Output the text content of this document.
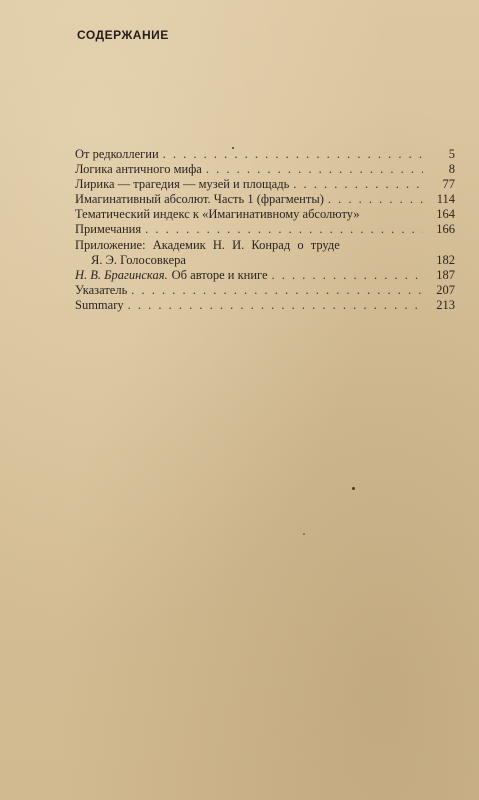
СОДЕРЖАНИЕ
От редколлегии . . .	5
Логика античного мифа . . .	8
Лирика — трагедия — музей и площадь . . .	77
Имагинативный абсолют. Часть 1 (фрагменты) . . .	114
Тематический индекс к «Имагинативному абсолюту»	164
Примечания . . .	166
Приложение: Академик Н. И. Конрад о труде
Я. Э. Голосовкера	182
Н. В. Брагинская. Об авторе и книге . . .	187
Указатель . . .	207
Summary . . .	213
